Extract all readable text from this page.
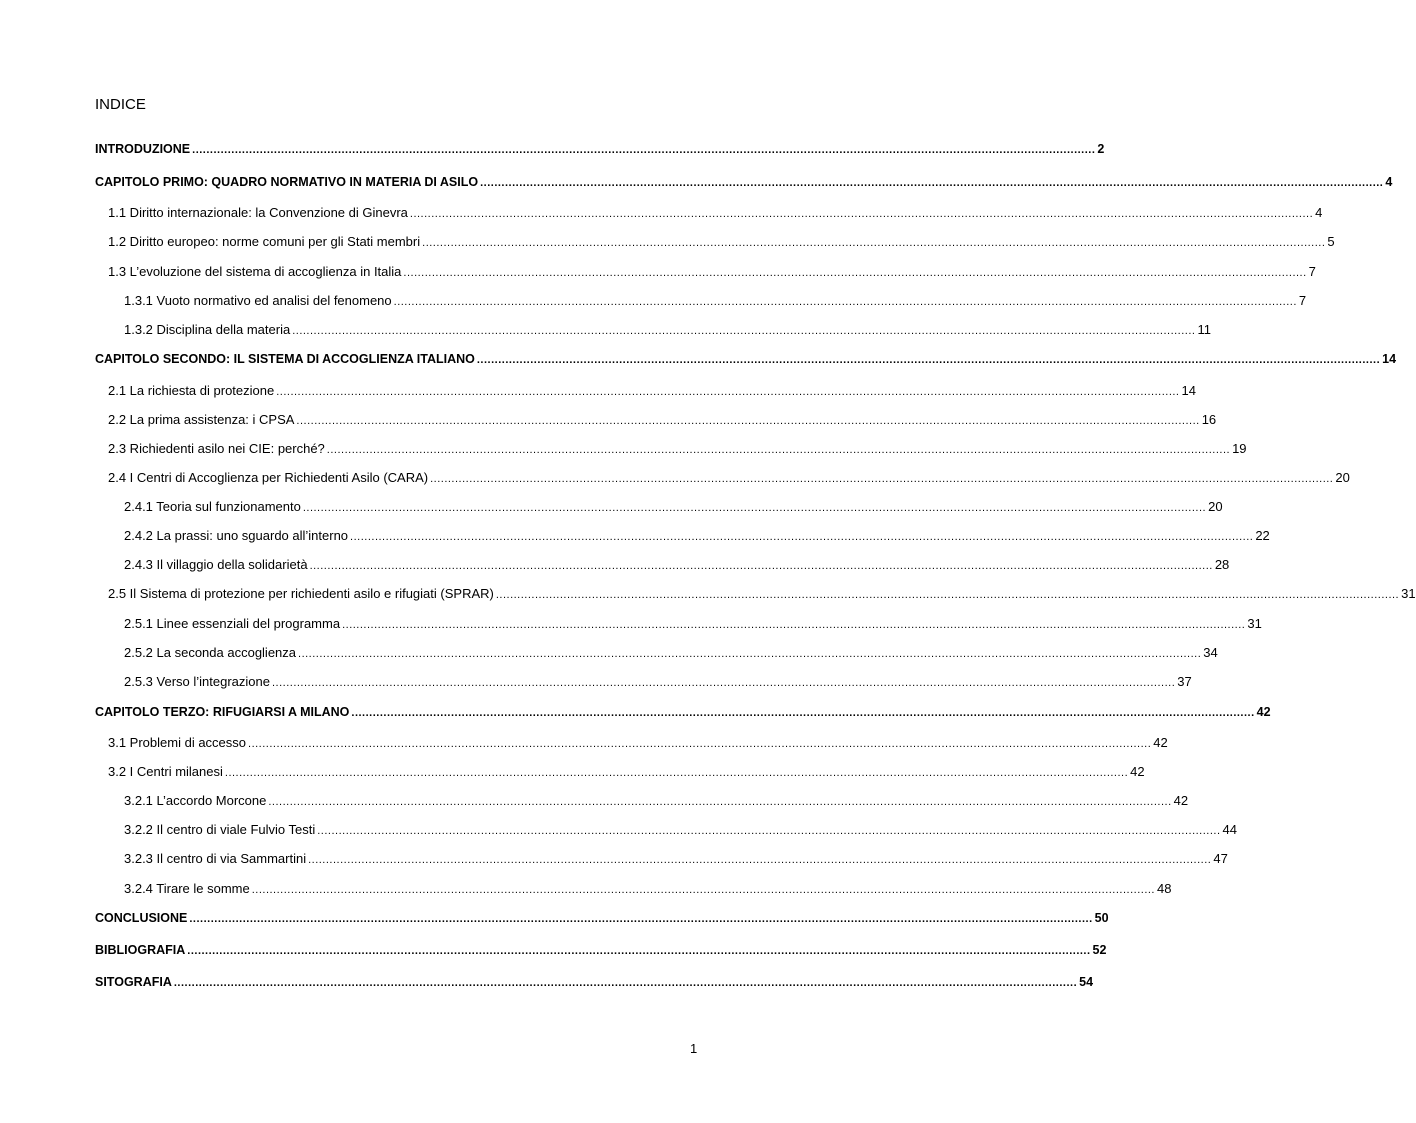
INDICE
INTRODUZIONE .....	2
CAPITOLO PRIMO: QUADRO NORMATIVO IN MATERIA DI ASILO .....	4
1.1 Diritto internazionale: la Convenzione di Ginevra .....	4
1.2 Diritto europeo: norme comuni per gli Stati membri .....	5
1.3 L’evoluzione del sistema di accoglienza in Italia .....	7
1.3.1 Vuoto normativo ed analisi del fenomeno .....	7
1.3.2 Disciplina della materia .....	11
CAPITOLO SECONDO: IL SISTEMA DI ACCOGLIENZA ITALIANO .....	14
2.1 La richiesta di protezione .....	14
2.2 La prima assistenza: i CPSA .....	16
2.3 Richiedenti asilo nei CIE: perché? .....	19
2.4 I Centri di Accoglienza per Richiedenti Asilo (CARA) .....	20
2.4.1 Teoria sul funzionamento .....	20
2.4.2 La prassi: uno sguardo all’interno .....	22
2.4.3 Il villaggio della solidarietà .....	28
2.5 Il Sistema di protezione per richiedenti asilo e rifugiati (SPRAR) .....	31
2.5.1 Linee essenziali del programma .....	31
2.5.2 La seconda accoglienza .....	34
2.5.3 Verso l’integrazione .....	37
CAPITOLO TERZO: RIFUGIARSI A MILANO .....	42
3.1 Problemi di accesso .....	42
3.2 I Centri milanesi .....	42
3.2.1 L’accordo Morcone .....	42
3.2.2 Il centro di viale Fulvio Testi .....	44
3.2.3 Il centro di via Sammartini .....	47
3.2.4 Tirare le somme .....	48
CONCLUSIONE .....	50
BIBLIOGRAFIA .....	52
SITOGRAFIA .....	54
1
